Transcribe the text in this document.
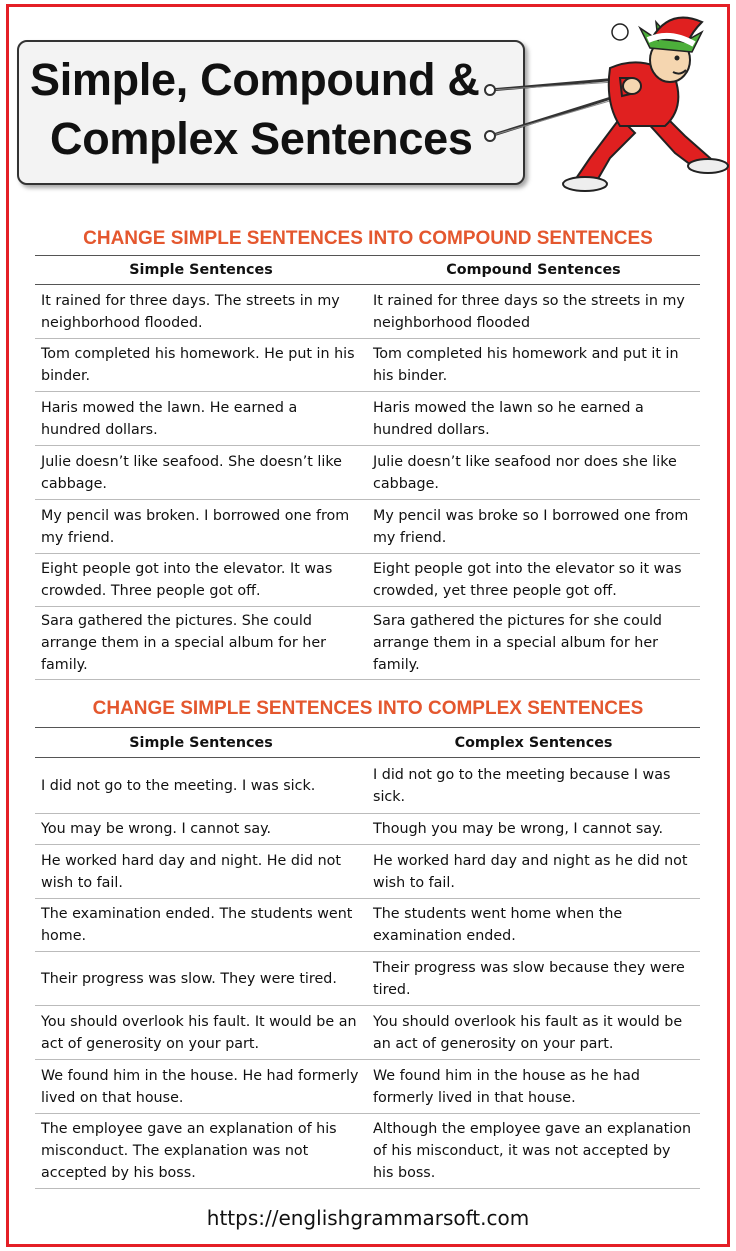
Simple, Compound &
Complex Sentences
CHANGE SIMPLE SENTENCES INTO COMPOUND SENTENCES
Simple Sentences	Compound Sentences
It rained for three days. The streets in my neighborhood flooded.	It rained for three days so the streets in my neighborhood flooded
Tom completed his homework. He put in his binder.	Tom completed his homework and put it in his binder.
Haris mowed the lawn. He earned a hundred dollars.	Haris mowed the lawn so he earned a hundred dollars.
Julie doesn’t like seafood. She doesn’t like cabbage.	Julie doesn’t like seafood nor does she like cabbage.
My pencil was broken. I borrowed one from my friend.	My pencil was broke so I borrowed one from my friend.
Eight people got into the elevator. It was crowded. Three people got off.	Eight people got into the elevator so it was crowded, yet three people got off.
Sara gathered the pictures. She could arrange them in a special album for her family.	Sara gathered the pictures for she could arrange them in a special album for her family.
CHANGE SIMPLE SENTENCES INTO COMPLEX SENTENCES
Simple Sentences	Complex Sentences
I did not go to the meeting. I was sick.	I did not go to the meeting because I was sick.
You may be wrong. I cannot say.	Though you may be wrong, I cannot say.
He worked hard day and night. He did not wish to fail.	He worked hard day and night as he did not wish to fail.
The examination ended. The students went home.	The students went home when the examination ended.
Their progress was slow. They were tired.	Their progress was slow because they were tired.
You should overlook his fault. It would be an act of generosity on your part.	You should overlook his fault as it would be an act of generosity on your part.
We found him in the house. He had formerly lived on that house.	We found him in the house as he had formerly lived in that house.
The employee gave an explanation of his misconduct. The explanation was not accepted by his boss.	Although the employee gave an explanation of his misconduct, it was not accepted by his boss.
https://englishgrammarsoft.com
